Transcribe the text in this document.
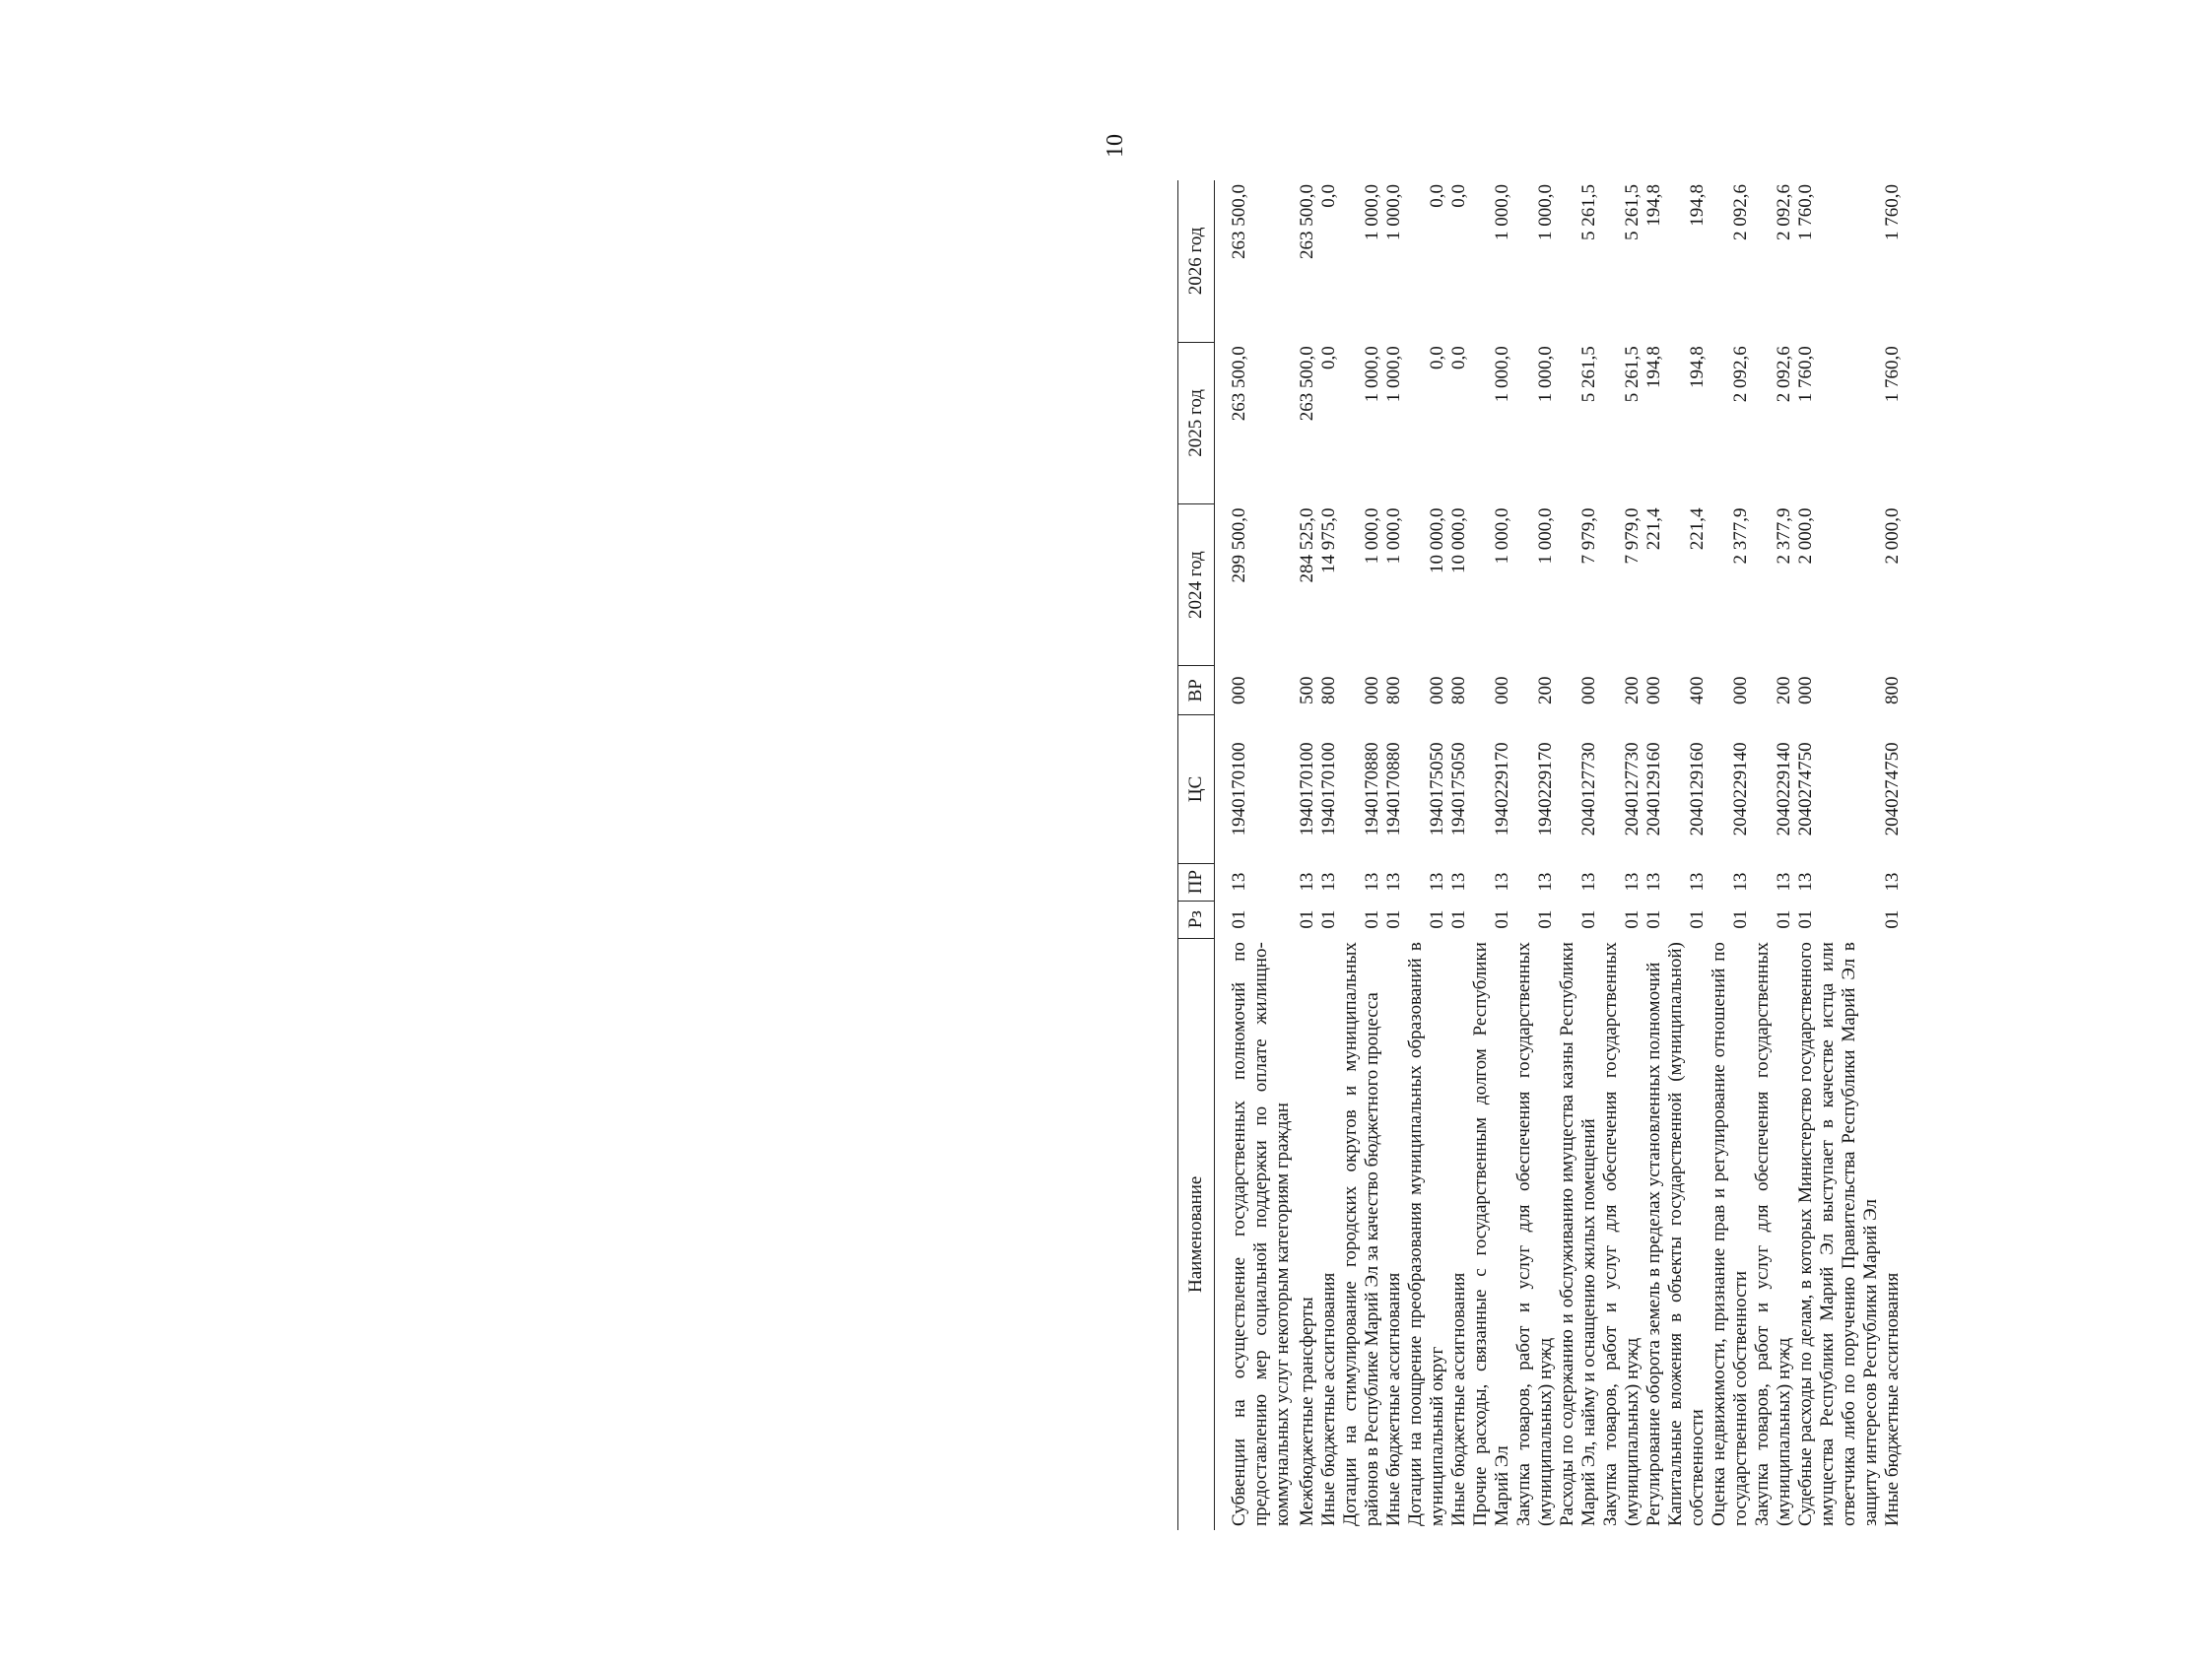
10
Наименование	Рз	ПР	ЦС	ВР	2024 год	2025 год	2026 год
Субвенции на осуществление государственных полномочий по предоставлению мер социальной поддержки по оплате жилищно-коммунальных услуг некоторым категориям граждан	01	13	1940170100	000	299 500,0	263 500,0	263 500,0
Межбюджетные трансферты	01	13	1940170100	500	284 525,0	263 500,0	263 500,0
Иные бюджетные ассигнования	01	13	1940170100	800	14 975,0	0,0	0,0
Дотации на стимулирование городских округов и муниципальных районов в Республике Марий Эл за качество бюджетного процесса	01	13	1940170880	000	1 000,0	1 000,0	1 000,0
Иные бюджетные ассигнования	01	13	1940170880	800	1 000,0	1 000,0	1 000,0
Дотации на поощрение преобразования муниципальных образований в муниципальный округ	01	13	1940175050	000	10 000,0	0,0	0,0
Иные бюджетные ассигнования	01	13	1940175050	800	10 000,0	0,0	0,0
Прочие расходы, связанные с государственным долгом Республики Марий Эл	01	13	1940229170	000	1 000,0	1 000,0	1 000,0
Закупка товаров, работ и услуг для обеспечения государственных (муниципальных) нужд	01	13	1940229170	200	1 000,0	1 000,0	1 000,0
Расходы по содержанию и обслуживанию имущества казны Республики Марий Эл, найму и оснащению жилых помещений	01	13	2040127730	000	7 979,0	5 261,5	5 261,5
Закупка товаров, работ и услуг для обеспечения государственных (муниципальных) нужд	01	13	2040127730	200	7 979,0	5 261,5	5 261,5
Регулирование оборота земель в пределах установленных полномочий	01	13	2040129160	000	221,4	194,8	194,8
Капитальные вложения в объекты государственной (муниципальной) собственности	01	13	2040129160	400	221,4	194,8	194,8
Оценка недвижимости, признание прав и регулирование отношений по государственной собственности	01	13	2040229140	000	2 377,9	2 092,6	2 092,6
Закупка товаров, работ и услуг для обеспечения государственных (муниципальных) нужд	01	13	2040229140	200	2 377,9	2 092,6	2 092,6
Судебные расходы по делам, в которых Министерство государственного имущества Республики Марий Эл выступает в качестве истца или ответчика либо по поручению Правительства Республики Марий Эл в защиту интересов Республики Марий Эл	01	13	2040274750	000	2 000,0	1 760,0	1 760,0
Иные бюджетные ассигнования	01	13	2040274750	800	2 000,0	1 760,0	1 760,0
